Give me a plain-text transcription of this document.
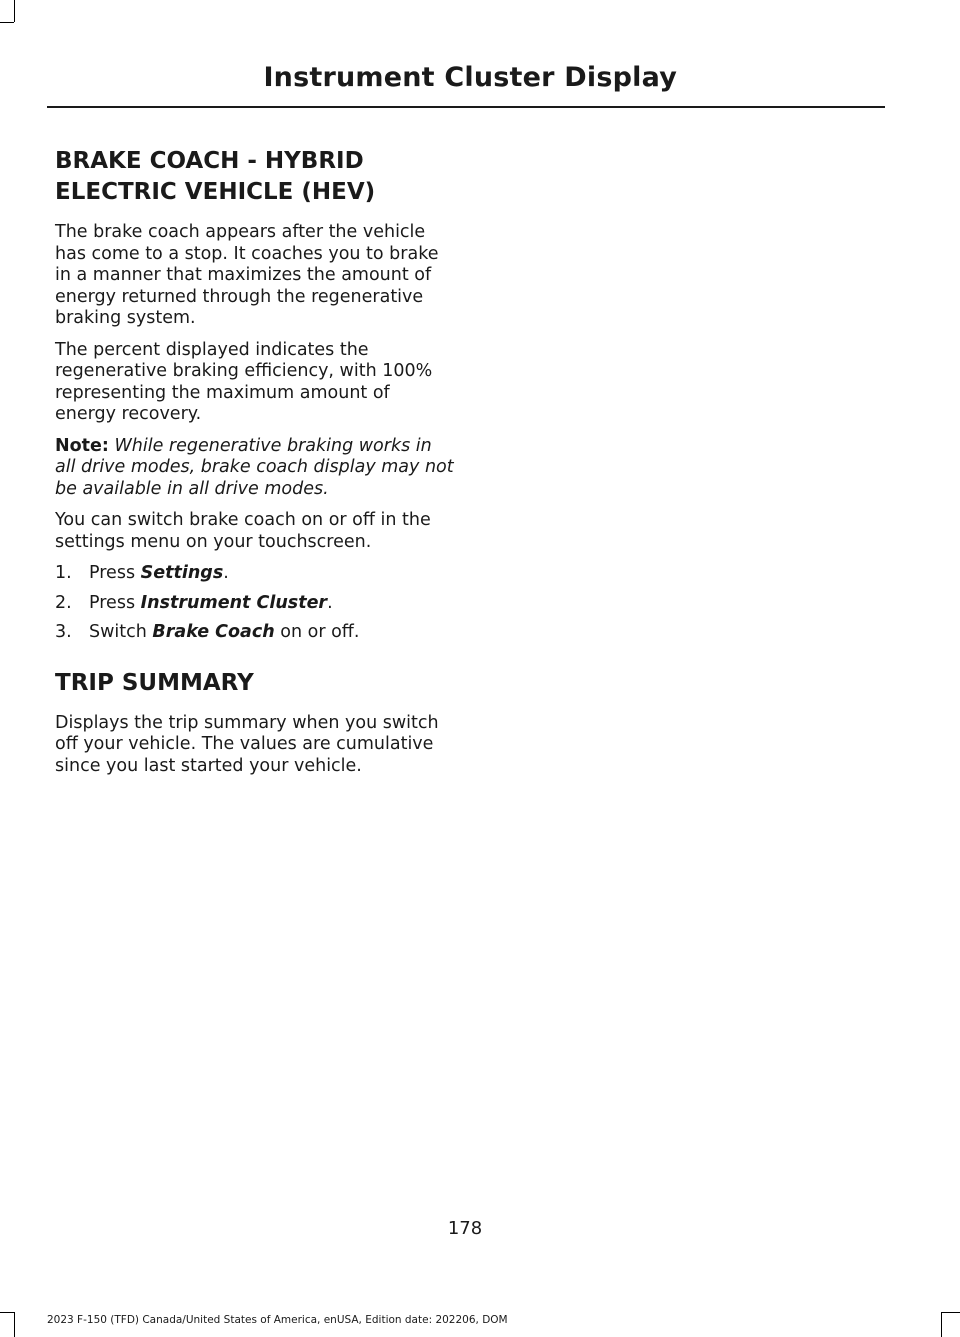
Instrument Cluster Display
BRAKE COACH - HYBRID
ELECTRIC VEHICLE (HEV)

The brake coach appears after the vehicle has come to a stop. It coaches you to brake in a manner that maximizes the amount of energy returned through the regenerative braking system.

The percent displayed indicates the regenerative braking efficiency, with 100% representing the maximum amount of energy recovery.

Note: While regenerative braking works in all drive modes, brake coach display may not be available in all drive modes.

You can switch brake coach on or off in the settings menu on your touchscreen.

1. Press Settings.
2. Press Instrument Cluster.
3. Switch Brake Coach on or off.
TRIP SUMMARY

Displays the trip summary when you switch off your vehicle. The values are cumulative since you last started your vehicle.

178
2023 F-150 (TFD) Canada/United States of America, enUSA, Edition date: 202206, DOM
